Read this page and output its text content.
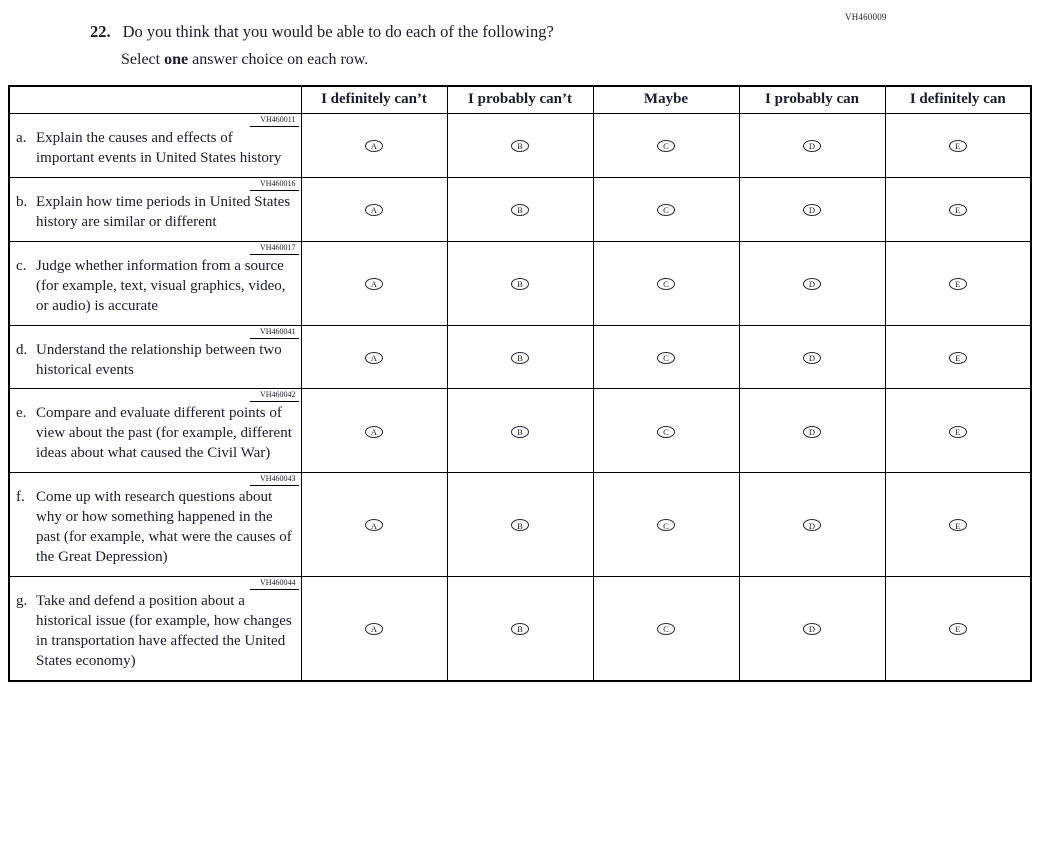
VH460009
22. Do you think that you would be able to do each of the following?
Select one answer choice on each row.
	I definitely can’t	I probably can’t	Maybe	I probably can	I definitely can

VH460011
a. Explain the causes and effects of important events in United States history	A	B	C	D	E

VH460016
b. Explain how time periods in United States history are similar or different	A	B	C	D	E

VH460017
c. Judge whether information from a source (for example, text, visual graphics, video, or audio) is accurate	A	B	C	D	E

VH460041
d. Understand the relationship between two historical events	A	B	C	D	E

VH460042
e. Compare and evaluate different points of view about the past (for example, different ideas about what caused the Civil War)	A	B	C	D	E

VH460043
f. Come up with research questions about why or how something happened in the past (for example, what were the causes of the Great Depression)	A	B	C	D	E

VH460044
g. Take and defend a position about a historical issue (for example, how changes in transportation have affected the United States economy)	A	B	C	D	E
